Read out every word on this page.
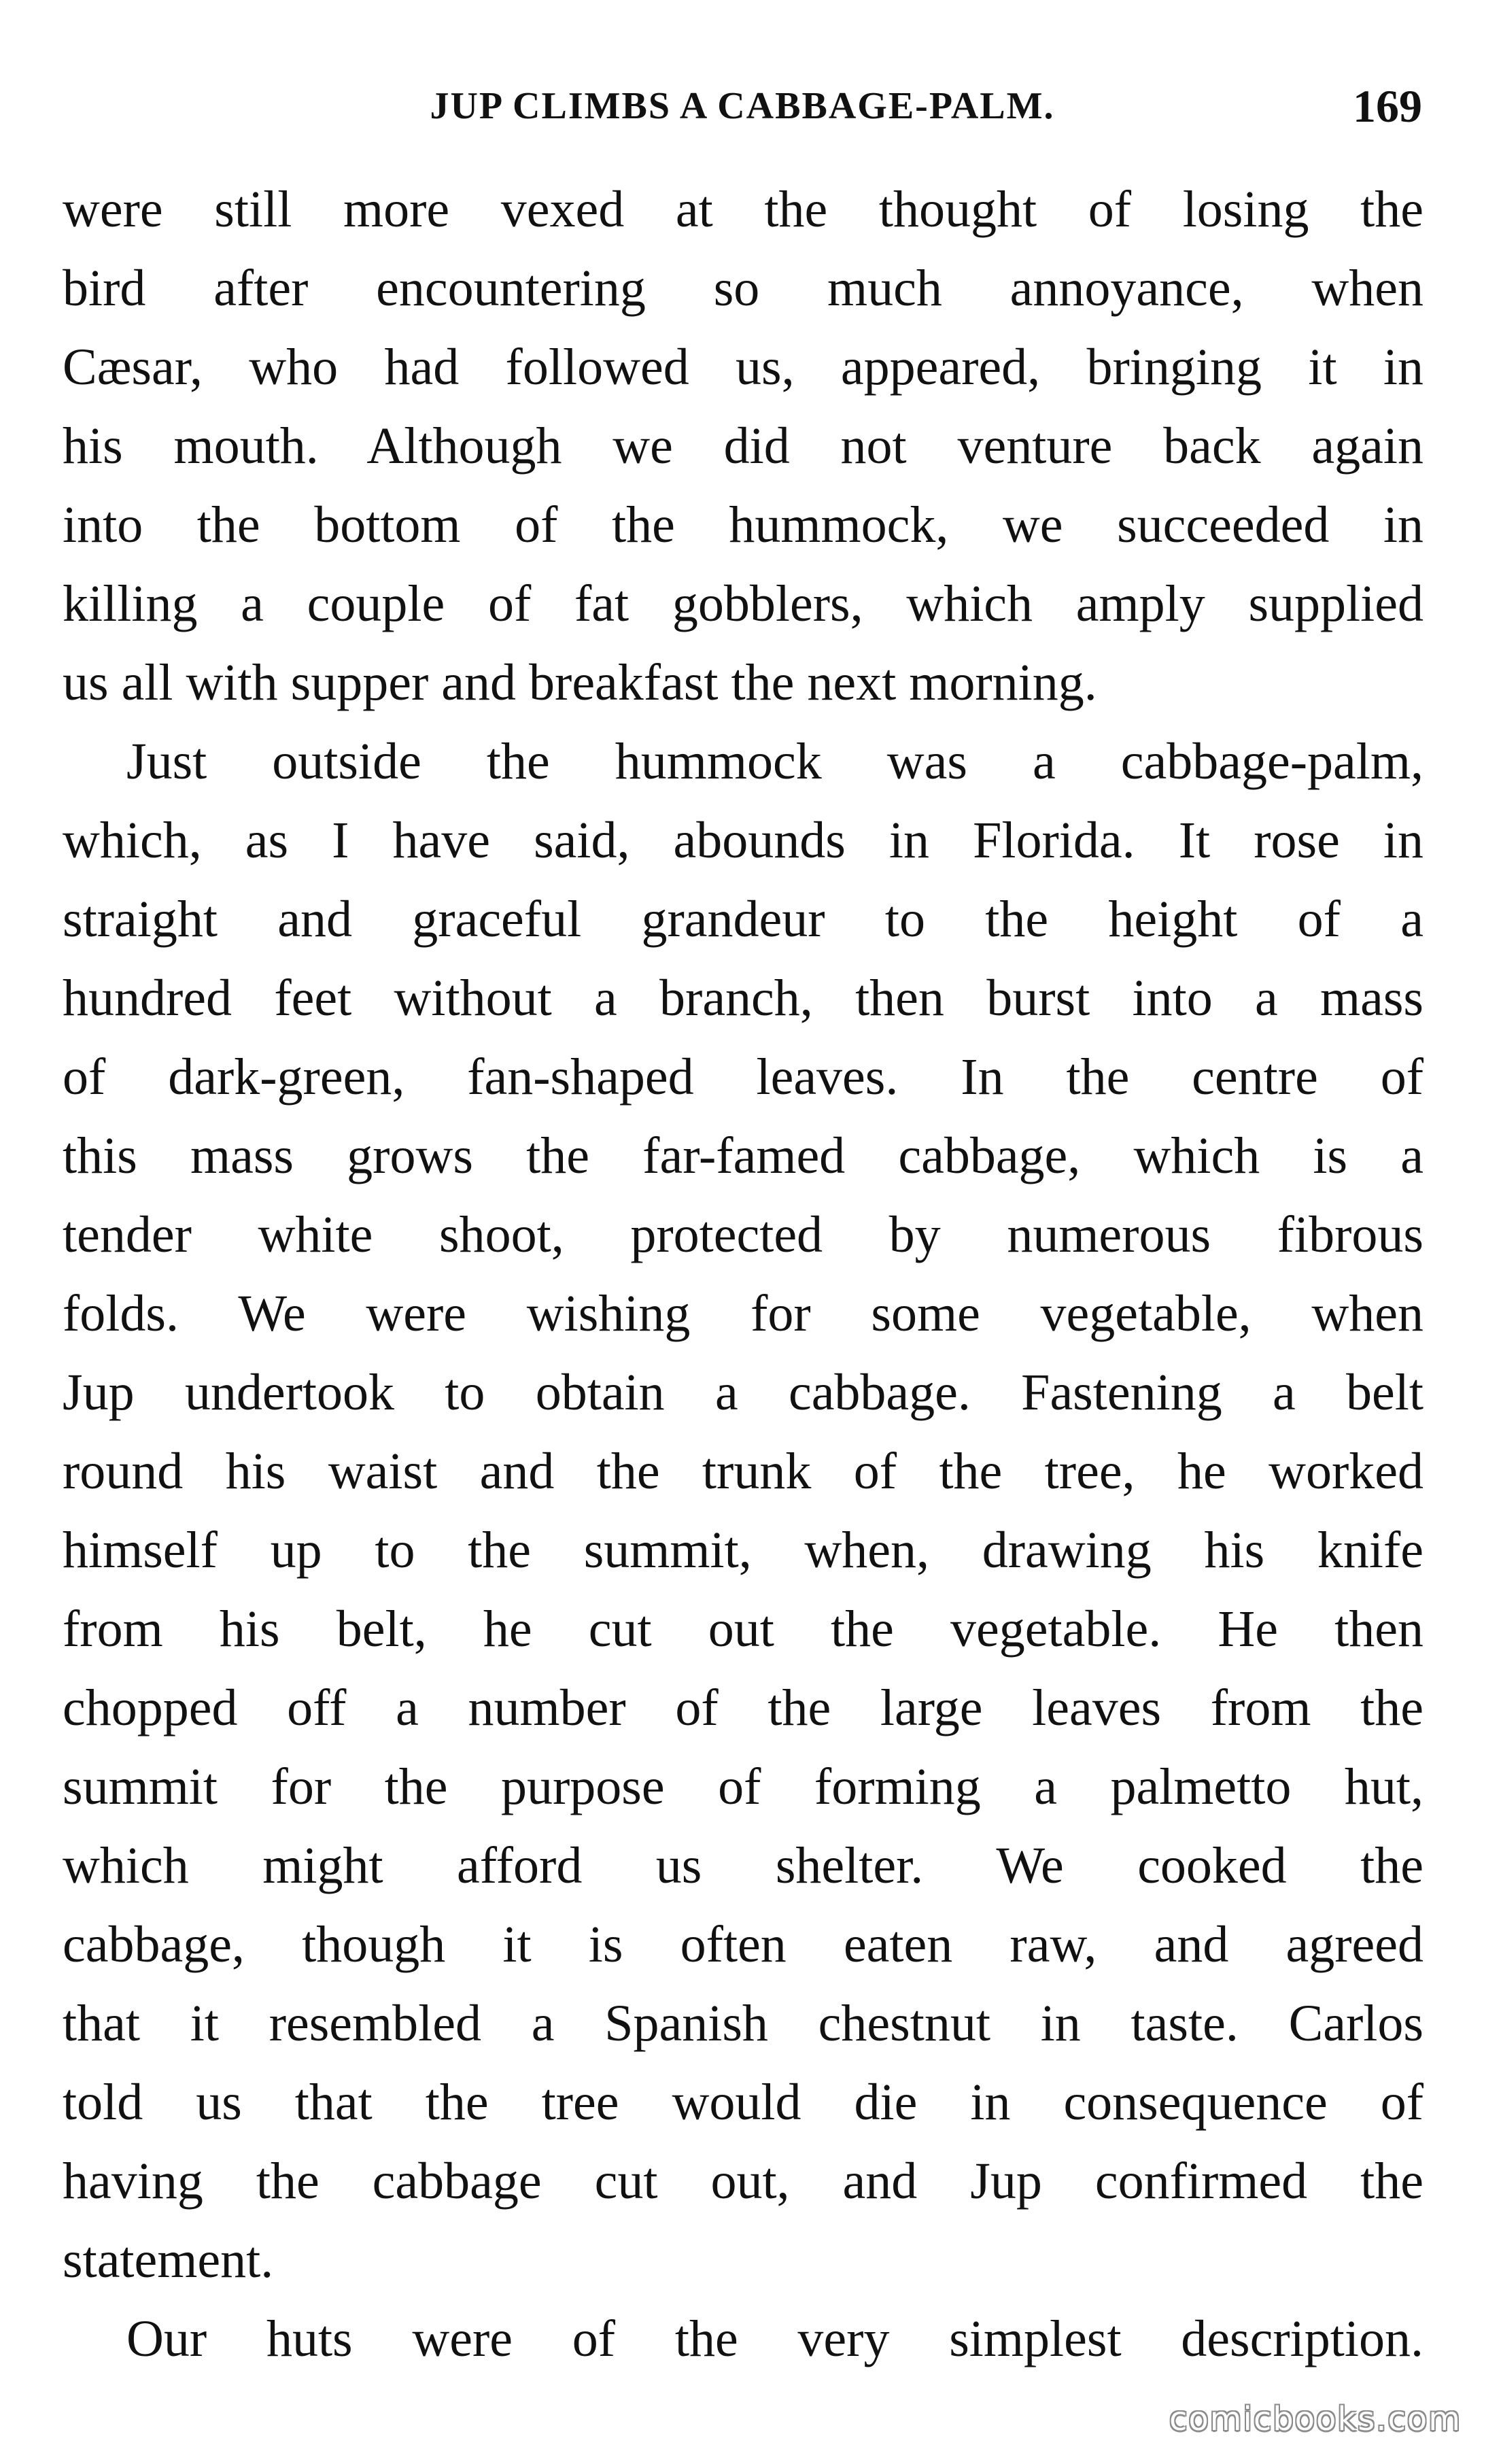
JUP CLIMBS A CABBAGE-PALM.	169
were still more vexed at the thought of losing the
bird after encountering so much annoyance, when
Cæsar, who had followed us, appeared, bringing it in
his mouth. Although we did not venture back again
into the bottom of the hummock, we succeeded in
killing a couple of fat gobblers, which amply supplied
us all with supper and breakfast the next morning.
Just outside the hummock was a cabbage-palm,
which, as I have said, abounds in Florida. It rose in
straight and graceful grandeur to the height of a
hundred feet without a branch, then burst into a mass
of dark-green, fan-shaped leaves. In the centre of
this mass grows the far-famed cabbage, which is a
tender white shoot, protected by numerous fibrous
folds. We were wishing for some vegetable, when
Jup undertook to obtain a cabbage. Fastening a belt
round his waist and the trunk of the tree, he worked
himself up to the summit, when, drawing his knife
from his belt, he cut out the vegetable. He then
chopped off a number of the large leaves from the
summit for the purpose of forming a palmetto hut,
which might afford us shelter. We cooked the
cabbage, though it is often eaten raw, and agreed
that it resembled a Spanish chestnut in taste. Carlos
told us that the tree would die in consequence of
having the cabbage cut out, and Jup confirmed the
statement.
Our huts were of the very simplest description.
comicbooks.com
